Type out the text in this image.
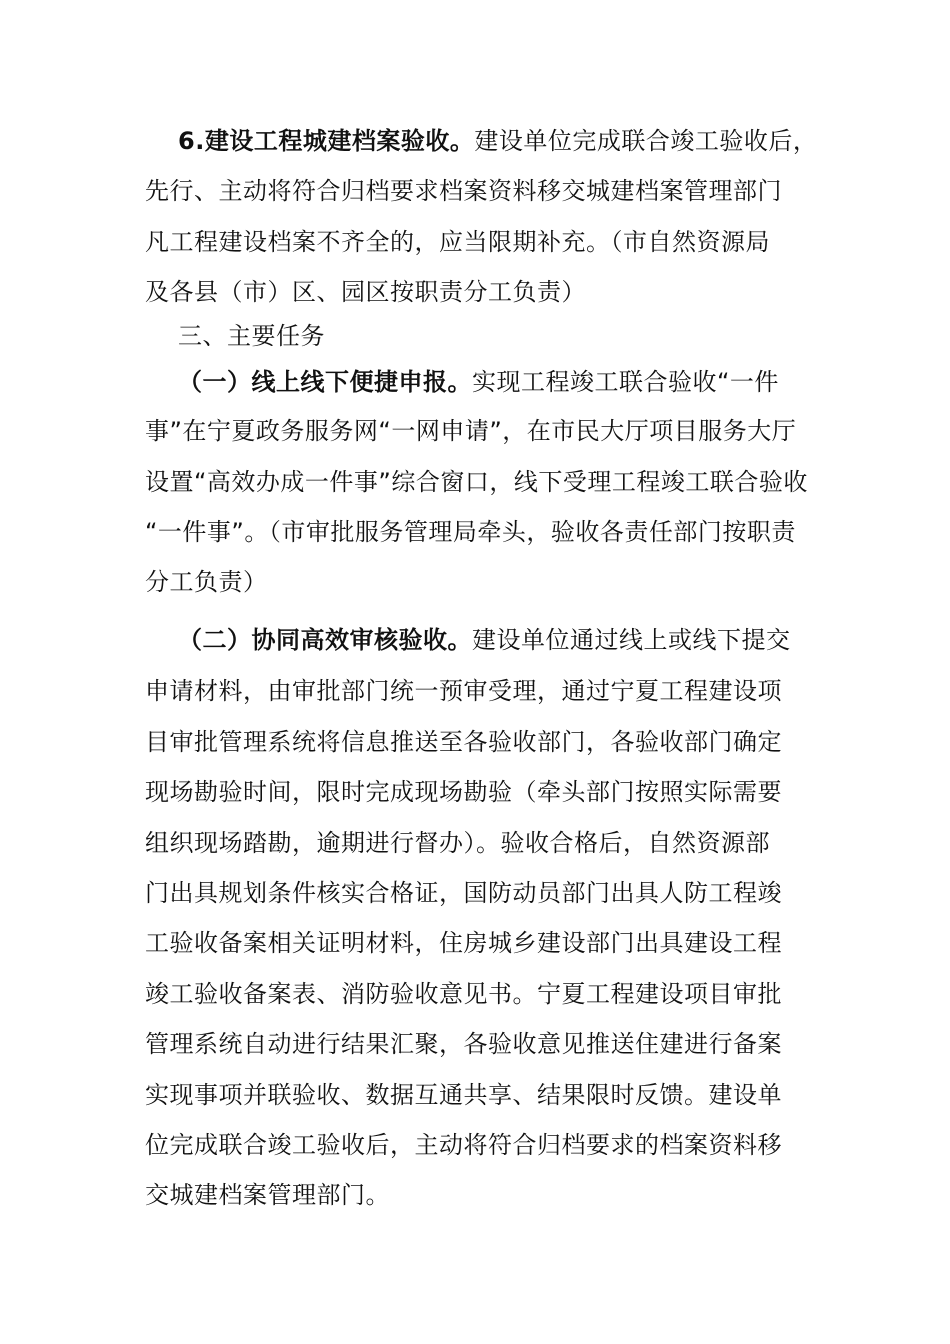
6.建设工程城建档案验收。建设单位完成联合竣工验收后，
先行、主动将符合归档要求档案资料移交城建档案管理部门
凡工程建设档案不齐全的，应当限期补充。（市自然资源局
及各县（市）区、园区按职责分工负责）
三、主要任务
（一）线上线下便捷申报。实现工程竣工联合验收“一件
事”在宁夏政务服务网“一网申请”，在市民大厅项目服务大厅
设置“高效办成一件事”综合窗口，线下受理工程竣工联合验收
“一件事”。（市审批服务管理局牵头，验收各责任部门按职责
分工负责）
（二）协同高效审核验收。建设单位通过线上或线下提交
申请材料，由审批部门统一预审受理，通过宁夏工程建设项
目审批管理系统将信息推送至各验收部门，各验收部门确定
现场勘验时间，限时完成现场勘验（牵头部门按照实际需要
组织现场踏勘，逾期进行督办）。验收合格后，自然资源部
门出具规划条件核实合格证，国防动员部门出具人防工程竣
工验收备案相关证明材料，住房城乡建设部门出具建设工程
竣工验收备案表、消防验收意见书。宁夏工程建设项目审批
管理系统自动进行结果汇聚，各验收意见推送住建进行备案
实现事项并联验收、数据互通共享、结果限时反馈。建设单
位完成联合竣工验收后，主动将符合归档要求的档案资料移
交城建档案管理部门。
